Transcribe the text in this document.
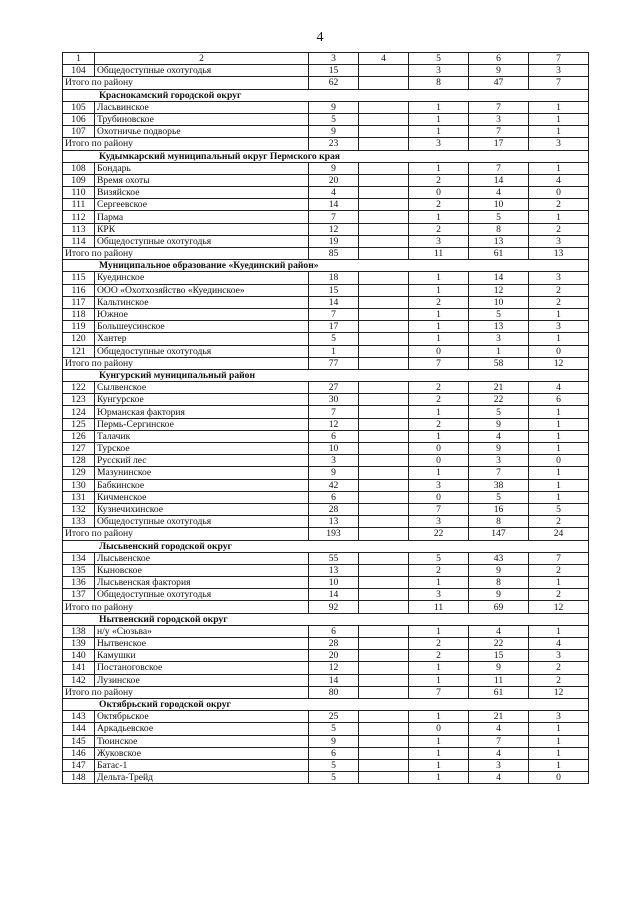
4
1	2	3	4	5	6	7
104	Общедоступные охотугодья	15		3	9	3
Итого по району		62		8	47	7
Краснокамский городской округ						
105	Ласьвинское	9		1	7	1
106	Трубиновское	5		1	3	1
107	Охотничье подворье	9		1	7	1
Итого по району		23		3	17	3
Кудымкарский муниципальный округ Пермского края						
108	Бондарь	9		1	7	1
109	Время охоты	20		2	14	4
110	Визяйское	4		0	4	0
111	Сергеевское	14		2	10	2
112	Парма	7		1	5	1
113	КРК	12		2	8	2
114	Общедоступные охотугодья	19		3	13	3
Итого по району		85		11	61	13
Муниципальное образование «Куединский район»						
115	Куединское	18		1	14	3
116	ООО «Охотхозяйство «Куединское»	15		1	12	2
117	Кальтинское	14		2	10	2
118	Южное	7		1	5	1
119	Большеусинское	17		1	13	3
120	Хантер	5		1	3	1
121	Общедоступные охотугодья	1		0	1	0
Итого по району		77		7	58	12
Кунгурский муниципальный район						
122	Сылвенское	27		2	21	4
123	Кунгурское	30		2	22	6
124	Юрманская фактория	7		1	5	1
125	Пермь-Сергинское	12		2	9	1
126	Талачик	6		1	4	1
127	Турское	10		0	9	1
128	Русский лес	3		0	3	0
129	Мазунинское	9		1	7	1
130	Бабкинское	42		3	38	1
131	Кичменское	6		0	5	1
132	Кузнечихинское	28		7	16	5
133	Общедоступные охотугодья	13		3	8	2
Итого по району		193		22	147	24
Лысьвенский городской округ						
134	Лысьвенское	55		5	43	7
135	Кыновское	13		2	9	2
136	Лысьвенская фактория	10		1	8	1
137	Общедоступные охотугодья	14		3	9	2
Итого по району		92		11	69	12
Нытвенский городской округ						
138	н/у «Сюзьва»	6		1	4	1
139	Нытвенское	28		2	22	4
140	Камушки	20		2	15	3
141	Постаноговское	12		1	9	2
142	Лузинское	14		1	11	2
Итого по району		80		7	61	12
Октябрьский городской округ						
143	Октябрьское	25		1	21	3
144	Аркадьевское	5		0	4	1
145	Тюинское	9		1	7	1
146	Жуковское	6		1	4	1
147	Батас-1	5		1	3	1
148	Дельта-Трейд	5		1	4	0
